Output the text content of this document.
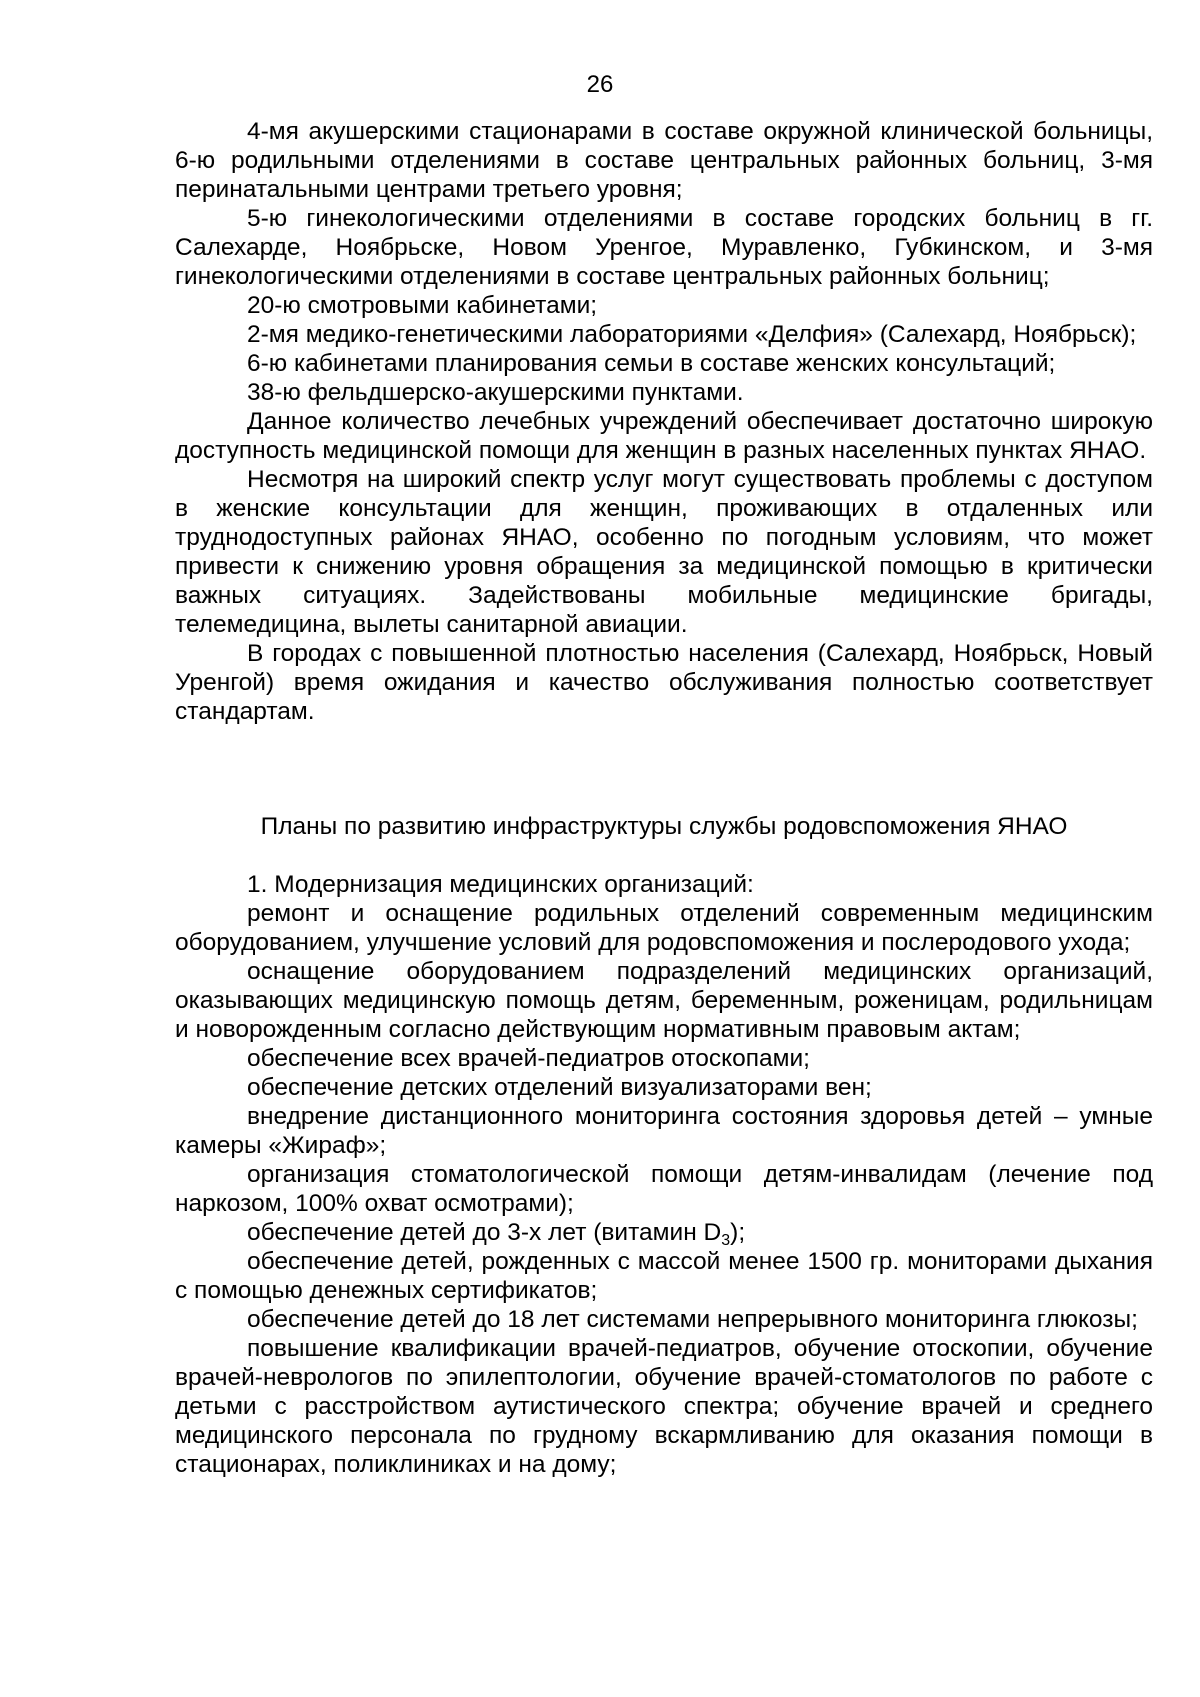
26

4-мя акушерскими стационарами в составе окружной клинической больницы, 6-ю родильными отделениями в составе центральных районных больниц, 3-мя перинатальными центрами третьего уровня;

5-ю гинекологическими отделениями в составе городских больниц в гг. Салехарде, Ноябрьске, Новом Уренгое, Муравленко, Губкинском, и 3-мя гинекологическими отделениями в составе центральных районных больниц;

20-ю смотровыми кабинетами;

2-мя медико-генетическими лабораториями «Делфия» (Салехард, Ноябрьск);

6-ю кабинетами планирования семьи в составе женских консультаций;

38-ю фельдшерско-акушерскими пунктами.

Данное количество лечебных учреждений обеспечивает достаточно широкую доступность медицинской помощи для женщин в разных населенных пунктах ЯНАО.

Несмотря на широкий спектр услуг могут существовать проблемы с доступом в женские консультации для женщин, проживающих в отдаленных или труднодоступных районах ЯНАО, особенно по погодным условиям, что может привести к снижению уровня обращения за медицинской помощью в критически важных ситуациях. Задействованы мобильные медицинские бригады, телемедицина, вылеты санитарной авиации.

В городах с повышенной плотностью населения (Салехард, Ноябрьск, Новый Уренгой) время ожидания и качество обслуживания полностью соответствует стандартам.

Планы по развитию инфраструктуры службы родовспоможения ЯНАО

1. Модернизация медицинских организаций:

ремонт и оснащение родильных отделений современным медицинским оборудованием, улучшение условий для родовспоможения и послеродового ухода;

оснащение оборудованием подразделений медицинских организаций, оказывающих медицинскую помощь детям, беременным, роженицам, родильницам и новорожденным согласно действующим нормативным правовым актам;

обеспечение всех врачей-педиатров отоскопами;

обеспечение детских отделений визуализаторами вен;

внедрение дистанционного мониторинга состояния здоровья детей – умные камеры «Жираф»;

организация стоматологической помощи детям-инвалидам (лечение под наркозом, 100% охват осмотрами);

обеспечение детей до 3-х лет (витамин $D_3$);

обеспечение детей, рожденных с массой менее 1500 гр. мониторами дыхания с помощью денежных сертификатов;

обеспечение детей до 18 лет системами непрерывного мониторинга глюкозы;

повышение квалификации врачей-педиатров, обучение отоскопии, обучение врачей-неврологов по эпилептологии, обучение врачей-стоматологов по работе с детьми с расстройством аутистического спектра; обучение врачей и среднего медицинского персонала по грудному вскармливанию для оказания помощи в стационарах, поликлиниках и на дому;
